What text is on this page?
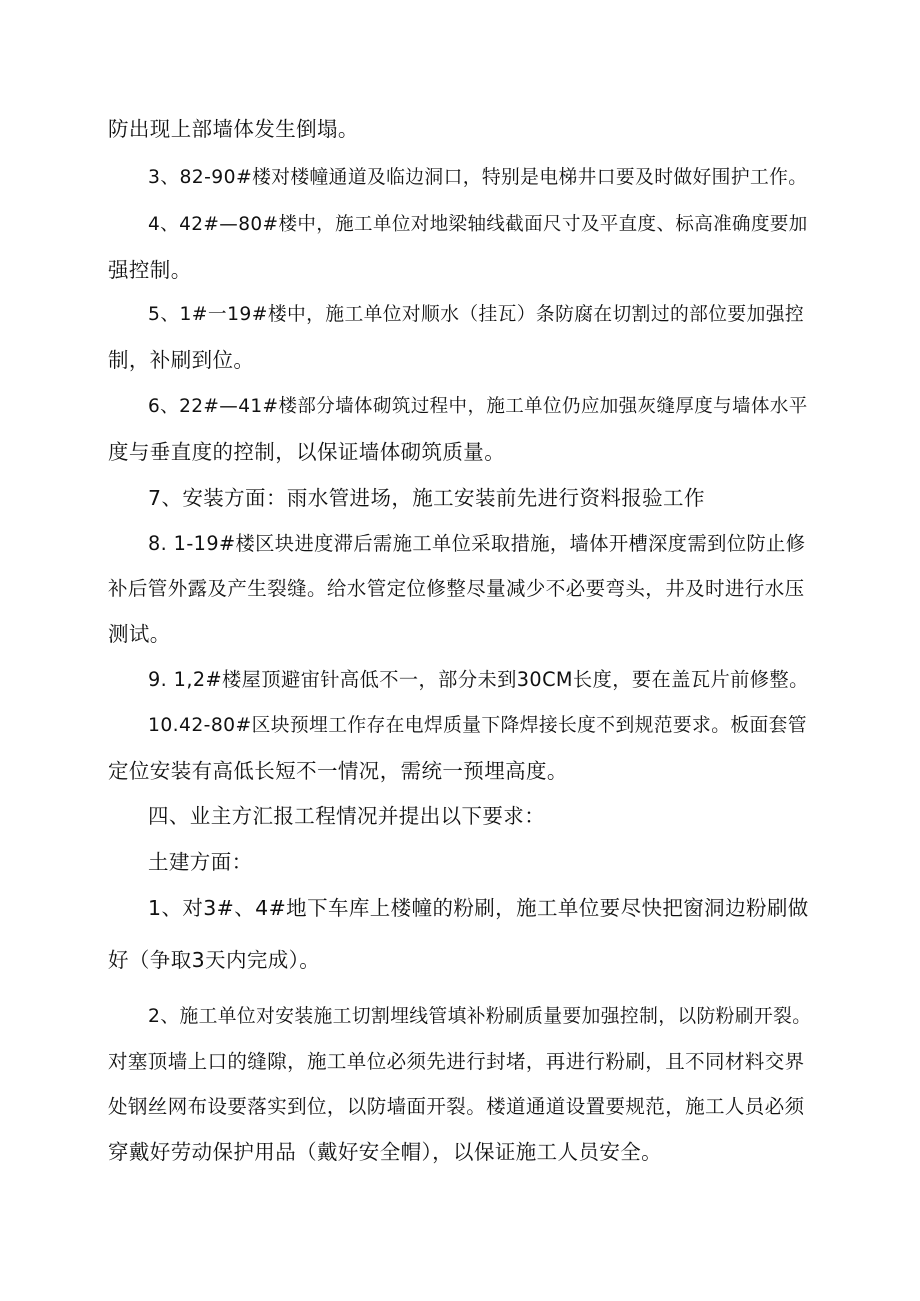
防出现上部墙体发生倒塌。
3、82-90#楼对楼幢通道及临边洞口，特别是电梯井口要及时做好围护工作。
4、42#—80#楼中，施工单位对地梁轴线截面尺寸及平直度、标高准确度要加
强控制。
5、1#一19#楼中，施工单位对顺水（挂瓦）条防腐在切割过的部位要加强控
制，补刷到位。
6、22#—41#楼部分墙体砌筑过程中，施工单位仍应加强灰缝厚度与墙体水平
度与垂直度的控制，以保证墙体砌筑质量。
7、安装方面：雨水管进场，施工安装前先进行资料报验工作
8. 1-19#楼区块进度滞后需施工单位采取措施，墙体开槽深度需到位防止修
补后管外露及产生裂缝。给水管定位修整尽量减少不必要弯头，井及时进行水压
测试。
9. 1,2#楼屋顶避宙针高低不一，部分未到30CM长度，要在盖瓦片前修整。
10.42-80#区块预埋工作存在电焊质量下降焊接长度不到规范要求。板面套管
定位安装有高低长短不一情况，需统一预埋高度。
四、业主方汇报工程情况并提出以下要求：
土建方面：
1、对3#、4#地下车库上楼幢的粉刷，施工单位要尽快把窗洞边粉刷做
好（争取3天内完成）。
2、施工单位对安装施工切割埋线管填补粉刷质量要加强控制，以防粉刷开裂。
对塞顶墙上口的缝隙，施工单位必须先进行封堵，再进行粉刷，且不同材料交界
处钢丝网布设要落实到位，以防墙面开裂。楼道通道设置要规范，施工人员必须
穿戴好劳动保护用品（戴好安全帽），以保证施工人员安全。
